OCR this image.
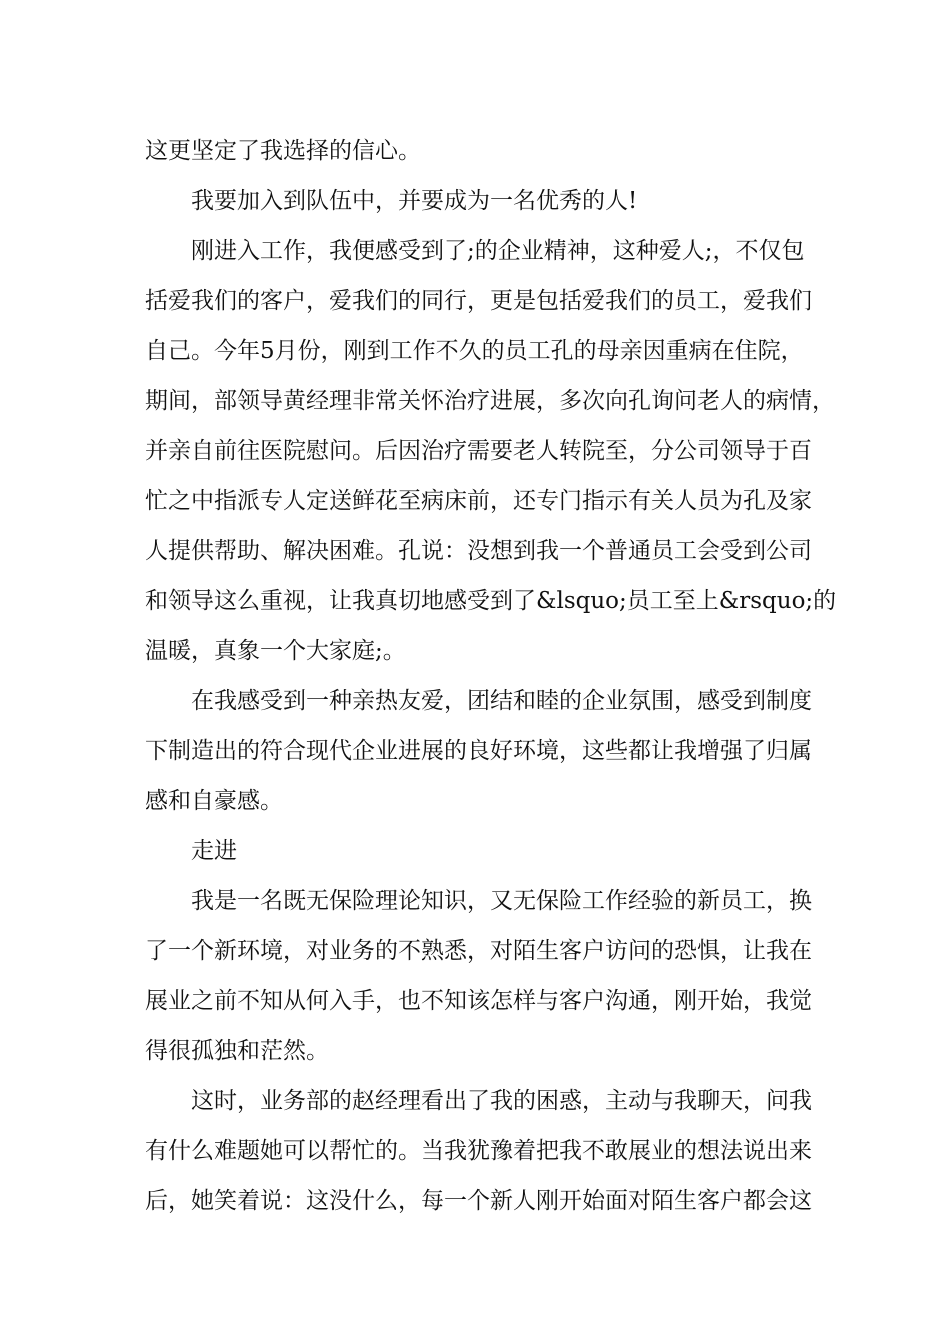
这更坚定了我选择的信心。
我要加入到队伍中，并要成为一名优秀的人!
刚进入工作，我便感受到了;的企业精神，这种爱人;，不仅包
括爱我们的客户，爱我们的同行，更是包括爱我们的员工，爱我们
自己。今年5月份，刚到工作不久的员工孔的母亲因重病在住院，
期间，部领导黄经理非常关怀治疗进展，多次向孔询问老人的病情，
并亲自前往医院慰问。后因治疗需要老人转院至，分公司领导于百
忙之中指派专人定送鲜花至病床前，还专门指示有关人员为孔及家
人提供帮助、解决困难。孔说：没想到我一个普通员工会受到公司
和领导这么重视，让我真切地感受到了&lsquo;员工至上&rsquo;的
温暖，真象一个大家庭;。
在我感受到一种亲热友爱，团结和睦的企业氛围，感受到制度
下制造出的符合现代企业进展的良好环境，这些都让我增强了归属
感和自豪感。
走进
我是一名既无保险理论知识，又无保险工作经验的新员工，换
了一个新环境，对业务的不熟悉，对陌生客户访问的恐惧，让我在
展业之前不知从何入手，也不知该怎样与客户沟通，刚开始，我觉
得很孤独和茫然。
这时，业务部的赵经理看出了我的困惑，主动与我聊天，问我
有什么难题她可以帮忙的。当我犹豫着把我不敢展业的想法说出来
后，她笑着说：这没什么，每一个新人刚开始面对陌生客户都会这
